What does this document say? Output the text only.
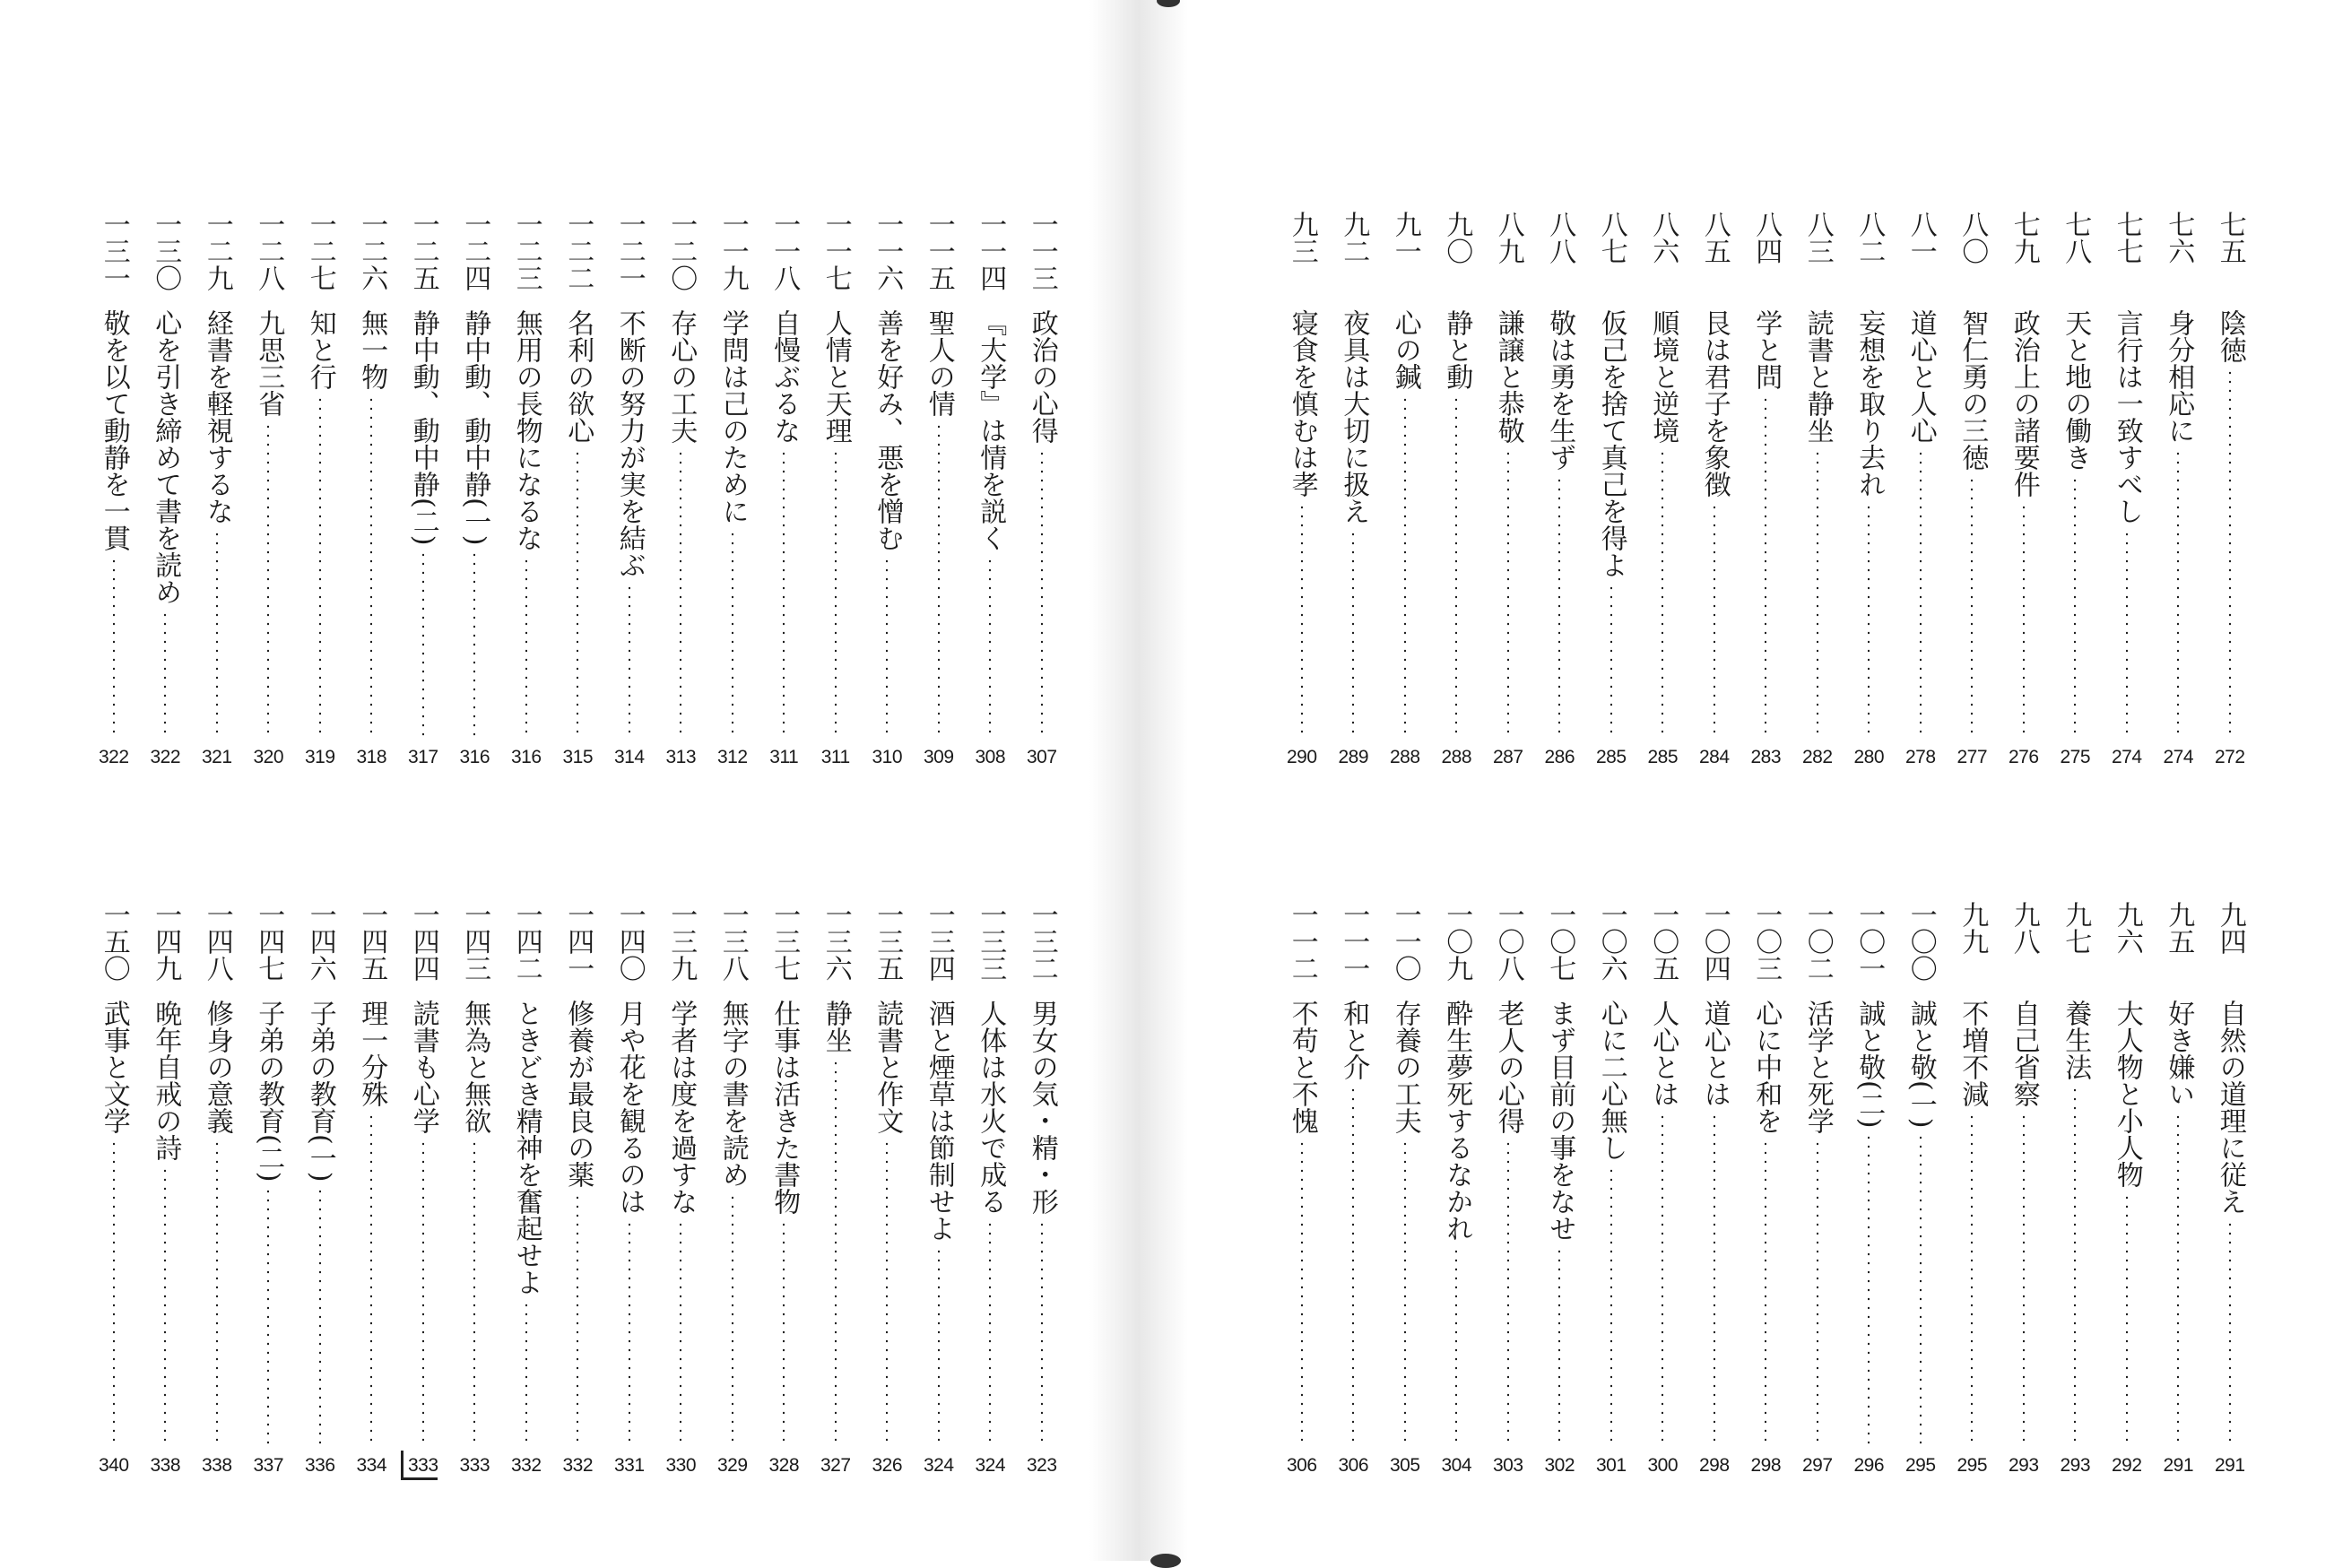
一一三
政治の心得
307
一一四
『大学』は情を説く
308
一一五
聖人の情
309
一一六
善を好み、悪を憎む
310
一一七
人情と天理
311
一一八
自慢ぶるな
311
一一九
学問は己のために
312
一二〇
存心の工夫
313
一二一
不断の努力が実を結ぶ
314
一二二
名利の欲心
315
一二三
無用の長物になるな
316
一二四
静中動、動中静(一)
316
一二五
静中動、動中静(二)
317
一二六
無一物
318
一二七
知と行
319
一二八
九思三省
320
一二九
経書を軽視するな
321
一三〇
心を引き締めて書を読め
322
一三一
敬を以て動静を一貫
322
一三二
男女の気・精・形
323
一三三
人体は水火で成る
324
一三四
酒と煙草は節制せよ
324
一三五
読書と作文
326
一三六
静坐
327
一三七
仕事は活きた書物
328
一三八
無字の書を読め
329
一三九
学者は度を過すな
330
一四〇
月や花を観るのは
331
一四一
修養が最良の薬
332
一四二
ときどき精神を奮起せよ
332
一四三
無為と無欲
333
一四四
読書も心学
333
一四五
理一分殊
334
一四六
子弟の教育(一)
336
一四七
子弟の教育(二)
337
一四八
修身の意義
338
一四九
晩年自戒の詩
338
一五〇
武事と文学
340
七五
陰徳
272
七六
身分相応に
274
七七
言行は一致すべし
274
七八
天と地の働き
275
七九
政治上の諸要件
276
八〇
智仁勇の三徳
277
八一
道心と人心
278
八二
妄想を取り去れ
280
八三
読書と静坐
282
八四
学と問
283
八五
艮は君子を象徴
284
八六
順境と逆境
285
八七
仮己を捨て真己を得よ
285
八八
敬は勇を生ず
286
八九
謙譲と恭敬
287
九〇
静と動
288
九一
心の鍼
288
九二
夜具は大切に扱え
289
九三
寝食を慎むは孝
290
九四
自然の道理に従え
291
九五
好き嫌い
291
九六
大人物と小人物
292
九七
養生法
293
九八
自己省察
293
九九
不増不減
295
一〇〇
誠と敬(一)
295
一〇一
誠と敬(二)
296
一〇二
活学と死学
297
一〇三
心に中和を
298
一〇四
道心とは
298
一〇五
人心とは
300
一〇六
心に二心無し
301
一〇七
まず目前の事をなせ
302
一〇八
老人の心得
303
一〇九
酔生夢死するなかれ
304
一一〇
存養の工夫
305
一一一
和と介
306
一一二
不苟と不愧
306
